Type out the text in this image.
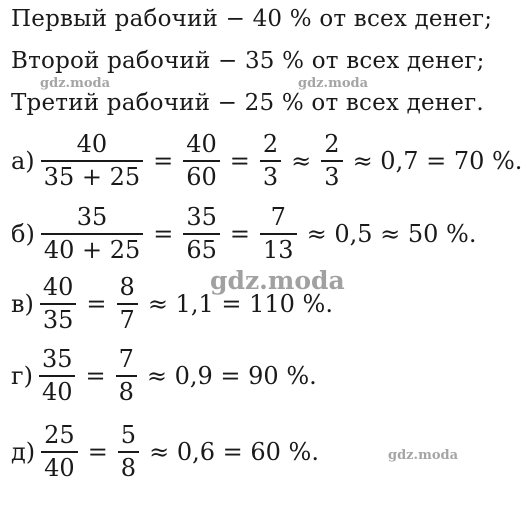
Первый рабочий − 40 % от всех денег;
Второй рабочий − 35 % от всех денег;
Третий рабочий − 25 % от всех денег.
$а) \frac{40}{35 + 25} = \frac{40}{60} = \frac{2}{3} \approx \frac{2}{3} \approx 0,7 = 70$ %.
$б) \frac{35}{40 + 25} = \frac{35}{65} = \frac{7}{13} \approx 0,5 \approx 50$ %.
$в) \frac{40}{35} = \frac{8}{7} \approx 1,1 = 110$ %.
$г) \frac{35}{40} = \frac{7}{8} \approx 0,9 = 90$ %.
$д) \frac{25}{40} = \frac{5}{8} \approx 0,6 = 60$ %.
gdz.moda	gdz.moda
gdz.moda
gdz.moda
